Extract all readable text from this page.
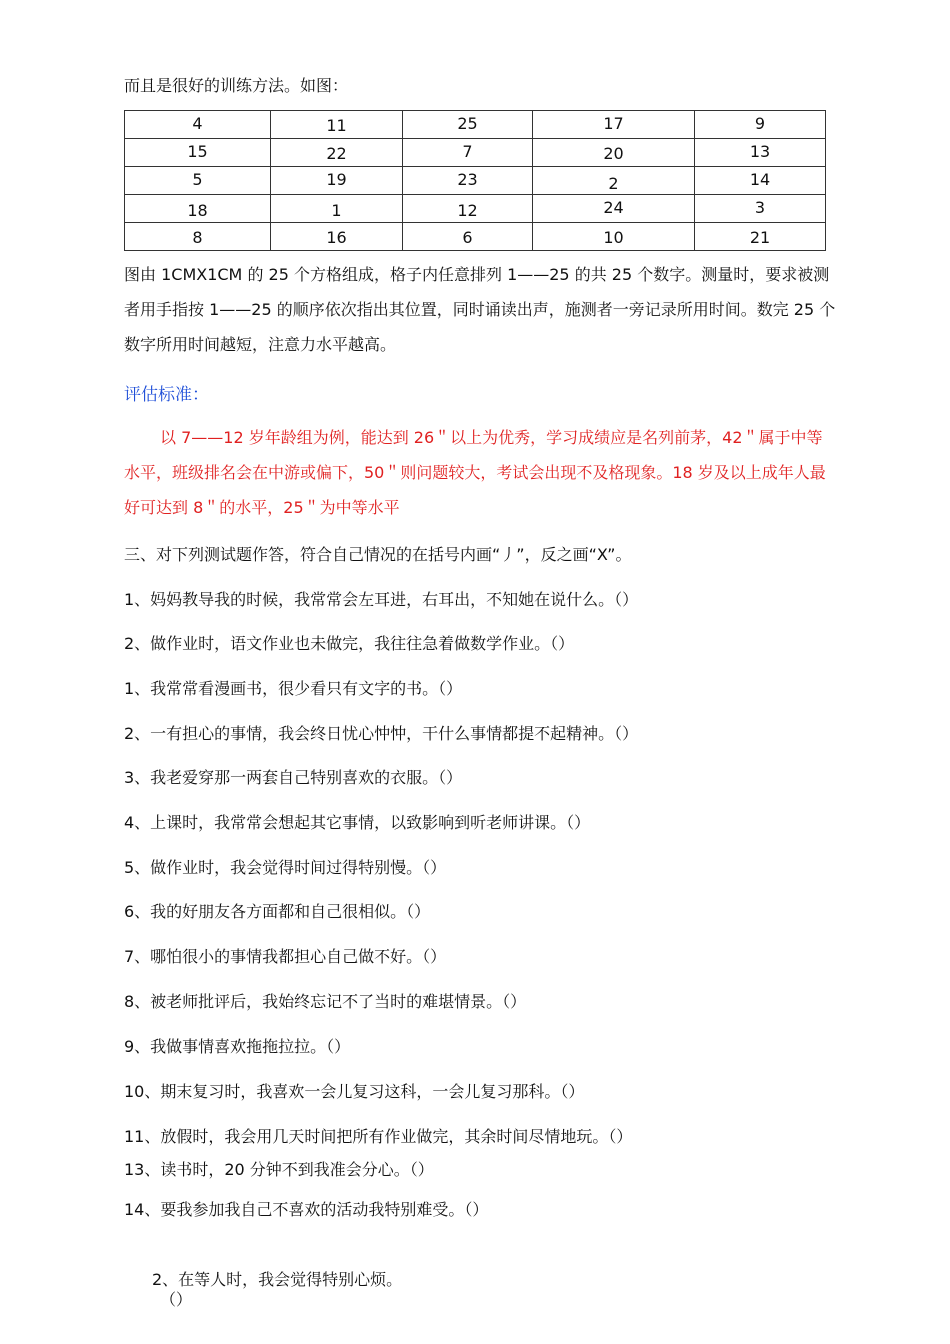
而且是很好的训练方法。如图：
4	11	25	17	9
15	22	7	20	13
5	19	23	2	14
18	1	12	24	3
8	16	6	10	21
图由 1CMX1CM 的 25 个方格组成，格子内任意排列 1——25 的共 25 个数字。测量时，要求被测者用手指按 1——25 的顺序依次指出其位置，同时诵读出声，施测者一旁记录所用时间。数完 25 个数字所用时间越短，注意力水平越高。
评估标准：
以 7——12 岁年龄组为例，能达到 26＂以上为优秀，学习成绩应是名列前茅，42＂属于中等水平，班级排名会在中游或偏下，50＂则问题较大，考试会出现不及格现象。18 岁及以上成年人最好可达到 8＂的水平，25＂为中等水平
三、对下列测试题作答，符合自己情况的在括号内画“丿”，反之画“X”。
1、妈妈教导我的时候，我常常会左耳进，右耳出，不知她在说什么。（）
2、做作业时，语文作业也未做完，我往往急着做数学作业。（）
1、我常常看漫画书，很少看只有文字的书。（）
2、一有担心的事情，我会终日忧心忡忡，干什么事情都提不起精神。（）
3、我老爱穿那一两套自己特别喜欢的衣服。（）
4、上课时，我常常会想起其它事情，以致影响到听老师讲课。（）
5、做作业时，我会觉得时间过得特别慢。（）
6、我的好朋友各方面都和自己很相似。（）
7、哪怕很小的事情我都担心自己做不好。（）
8、被老师批评后，我始终忘记不了当时的难堪情景。（）
9、我做事情喜欢拖拖拉拉。（）
10、期末复习时，我喜欢一会儿复习这科，一会儿复习那科。（）
11、放假时，我会用几天时间把所有作业做完，其余时间尽情地玩。（）
13、读书时，20 分钟不到我准会分心。（）
14、要我参加我自己不喜欢的活动我特别难受。（）
2、在等人时，我会觉得特别心烦。
（）
